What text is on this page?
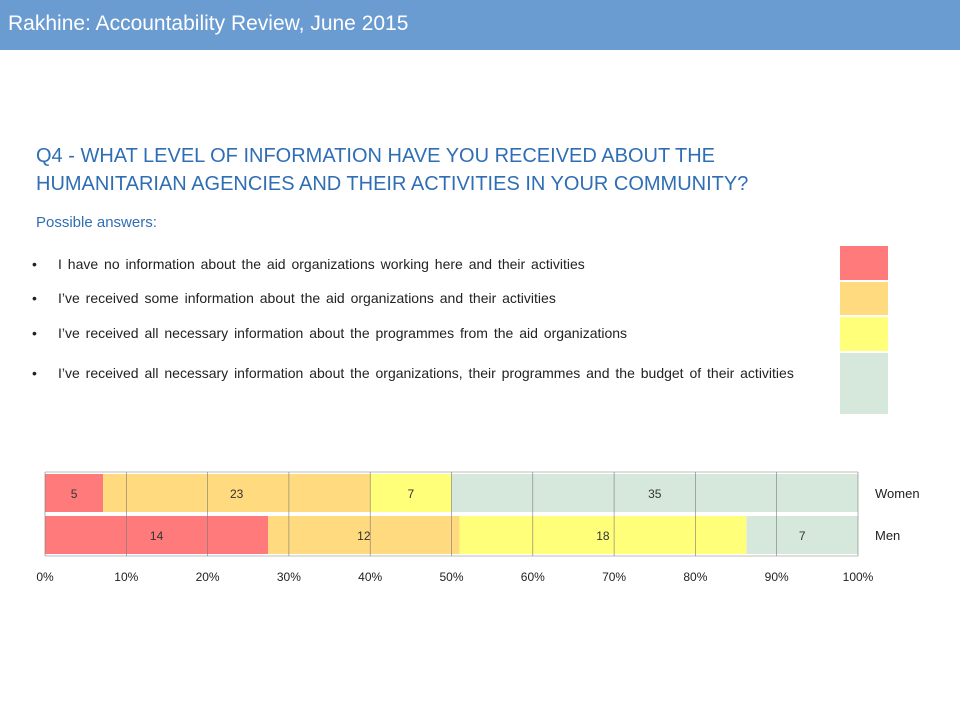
Rakhine: Accountability Review, June 2015
Q4 - WHAT LEVEL OF INFORMATION HAVE YOU RECEIVED ABOUT THE
HUMANITARIAN AGENCIES AND THEIR ACTIVITIES IN YOUR COMMUNITY?
Possible answers:
•	I have no information about the aid organizations working here and their activities
•	I’ve received some information about the aid organizations and their activities
•	I’ve received all necessary information about the programmes from the aid organizations
•	I’ve received all necessary information about the organizations, their programmes and the budget of their activities
5	23	7	35	Women
14	12	18	7	Men
0%	10%	20%	30%	40%	50%	60%	70%	80%	90%	100%
